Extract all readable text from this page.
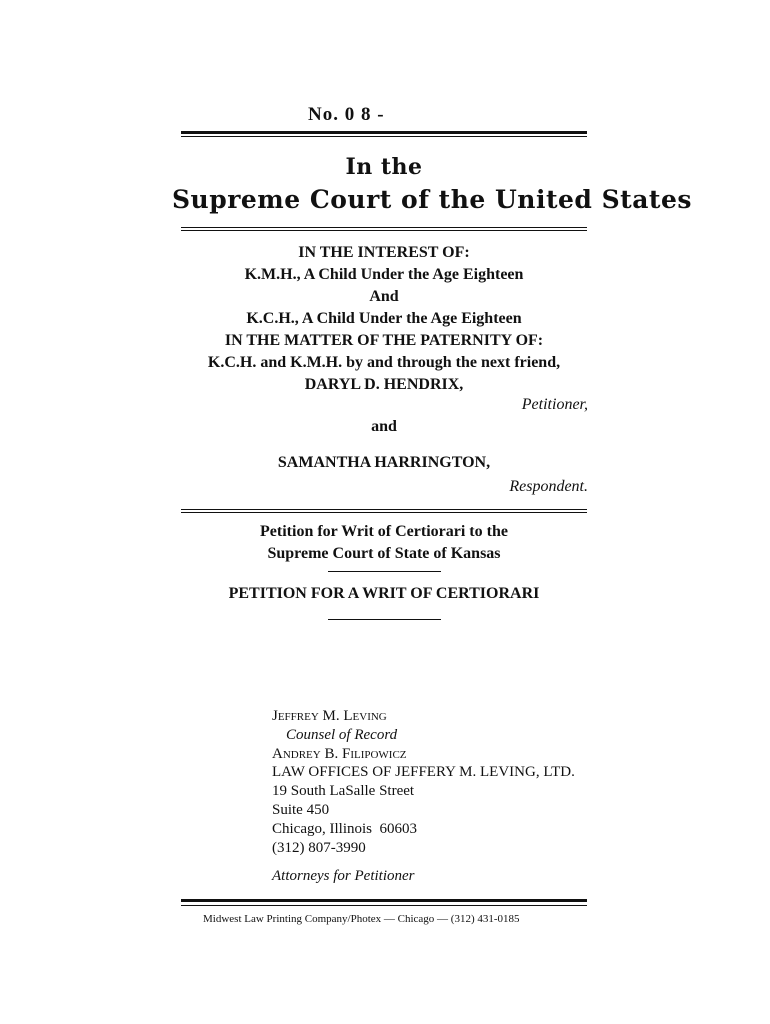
No. 0 8 -
In the
Supreme Court of the United States
IN THE INTEREST OF:
K.M.H., A Child Under the Age Eighteen
And
K.C.H., A Child Under the Age Eighteen
IN THE MATTER OF THE PATERNITY OF:
K.C.H. and K.M.H. by and through the next friend,
DARYL D. HENDRIX,
Petitioner,
and
SAMANTHA HARRINGTON,
Respondent.
Petition for Writ of Certiorari to the
Supreme Court of State of Kansas
PETITION FOR A WRIT OF CERTIORARI
Jeffrey M. Leving
Counsel of Record
Andrey B. Filipowicz
LAW OFFICES OF JEFFERY M. LEVING, LTD.
19 South LaSalle Street
Suite 450
Chicago, Illinois  60603
(312) 807-3990
Attorneys for Petitioner
Midwest Law Printing Company/Photex — Chicago — (312) 431-0185
